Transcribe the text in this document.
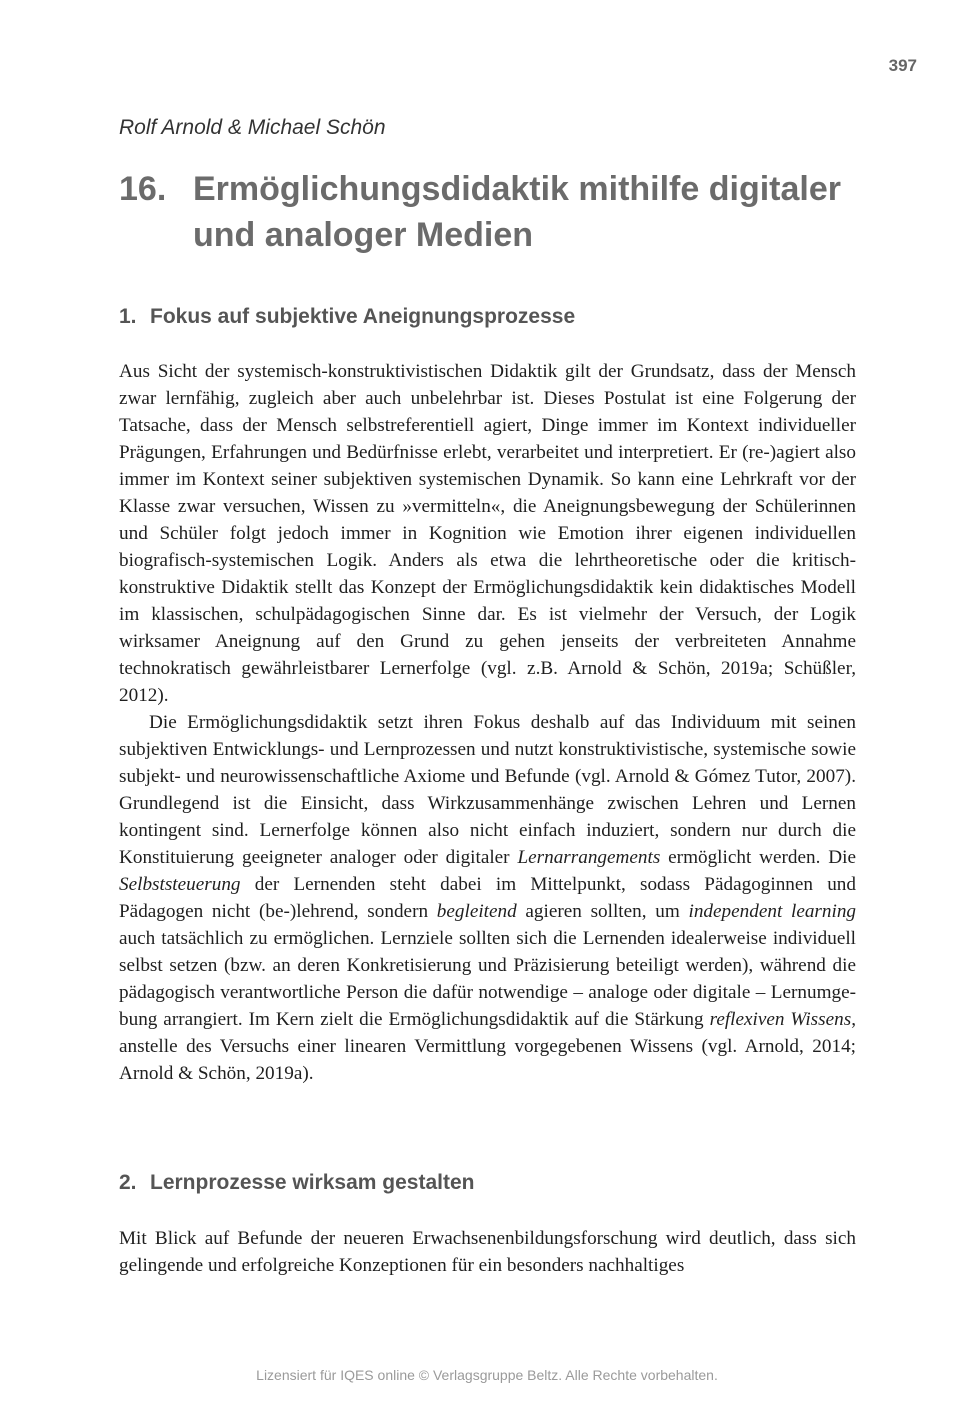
397
Rolf Arnold & Michael Schön
16. Ermöglichungsdidaktik mithilfe digitaler und analoger Medien
1. Fokus auf subjektive Aneignungsprozesse

Aus Sicht der systemisch-konstruktivistischen Didaktik gilt der Grundsatz, dass der Mensch zwar lernfähig, zugleich aber auch unbelehrbar ist. Dieses Postulat ist eine Folgerung der Tatsache, dass der Mensch selbstreferentiell agiert, Dinge immer im Kontext individueller Prägungen, Erfahrungen und Bedürfnisse erlebt, verarbeitet und interpretiert. Er (re-)agiert also immer im Kontext seiner subjektiven systemischen Dynamik. So kann eine Lehrkraft vor der Klasse zwar versuchen, Wissen zu »vermitteln«, die Aneignungsbewegung der Schülerinnen und Schüler folgt jedoch immer in Kognition wie Emotion ihrer eigenen individuellen biografisch-systemischen Logik. Anders als etwa die lehrtheoretische oder die kritisch-konstruktive Didaktik stellt das Konzept der Ermöglichungsdidaktik kein didaktisches Modell im klassischen, schulpädagogischen Sinne dar. Es ist vielmehr der Versuch, der Logik wirksamer Aneignung auf den Grund zu gehen jenseits der verbreiteten Annahme technokratisch gewährleistbarer Lernerfolge (vgl. z.B. Arnold & Schön, 2019a; Schüßler, 2012).

Die Ermöglichungsdidaktik setzt ihren Fokus deshalb auf das Individuum mit seinen subjektiven Entwicklungs- und Lernprozessen und nutzt konstruktivistische, systemische sowie subjekt- und neurowissenschaftliche Axiome und Befunde (vgl. Arnold & Gómez Tutor, 2007). Grundlegend ist die Einsicht, dass Wirkzusammenhänge zwischen Lehren und Lernen kontingent sind. Lernerfolge können also nicht einfach induziert, sondern nur durch die Konstituierung geeigneter analoger oder digitaler Lernarrangements ermöglicht werden. Die Selbststeuerung der Lernenden steht dabei im Mittelpunkt, sodass Pädagoginnen und Pädagogen nicht (be-)lehrend, sondern begleitend agieren sollten, um independent learning auch tatsächlich zu ermöglichen. Lernziele sollten sich die Lernenden idealerweise individuell selbst setzen (bzw. an deren Konkretisierung und Präzisierung beteiligt werden), während die pädagogisch verantwortliche Person die dafür notwendige – analoge oder digitale – Lernumgebung arrangiert. Im Kern zielt die Ermöglichungsdidaktik auf die Stärkung reflexiven Wissens, anstelle des Versuchs einer linearen Vermittlung vorgegebenen Wissens (vgl. Arnold, 2014; Arnold & Schön, 2019a).

2. Lernprozesse wirksam gestalten

Mit Blick auf Befunde der neueren Erwachsenenbildungsforschung wird deutlich, dass sich gelingende und erfolgreiche Konzeptionen für ein besonders nachhaltiges

Lizensiert für IQES online © Verlagsgruppe Beltz. Alle Rechte vorbehalten.
